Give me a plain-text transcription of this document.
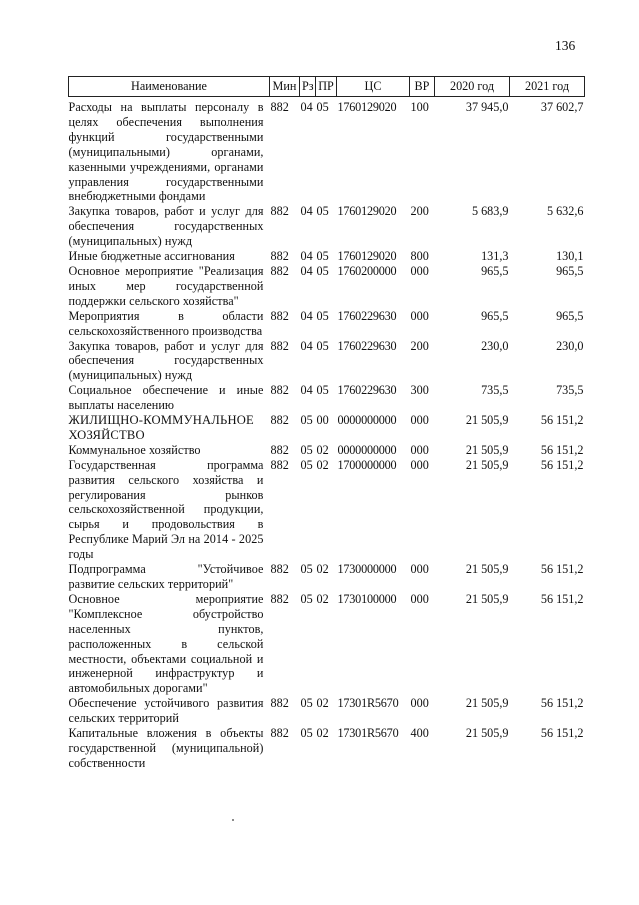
136
Наименование	Мин	Рз	ПР	ЦС	ВР	2020 год	2021 год
Расходы на выплаты персоналу в целях обеспечения выполнения функций государственными (муниципальными) органами, казенными учреждениями, органами управления государственными внебюджетными фондами	882	04	05	1760129020	100	37 945,0	37 602,7
Закупка товаров, работ и услуг для обеспечения государственных (муниципальных) нужд	882	04	05	1760129020	200	5 683,9	5 632,6
Иные бюджетные ассигнования	882	04	05	1760129020	800	131,3	130,1
Основное мероприятие "Реализация иных мер государственной поддержки сельского хозяйства"	882	04	05	1760200000	000	965,5	965,5
Мероприятия в области сельскохозяйственного производства	882	04	05	1760229630	000	965,5	965,5
Закупка товаров, работ и услуг для обеспечения государственных (муниципальных) нужд	882	04	05	1760229630	200	230,0	230,0
Социальное обеспечение и иные выплаты населению	882	04	05	1760229630	300	735,5	735,5
ЖИЛИЩНО-КОММУНАЛЬНОЕ ХОЗЯЙСТВО	882	05	00	0000000000	000	21 505,9	56 151,2
Коммунальное хозяйство	882	05	02	0000000000	000	21 505,9	56 151,2
Государственная программа развития сельского хозяйства и регулирования рынков сельскохозяйственной продукции, сырья и продовольствия в Республике Марий Эл на 2014 - 2025 годы	882	05	02	1700000000	000	21 505,9	56 151,2
Подпрограмма "Устойчивое развитие сельских территорий"	882	05	02	1730000000	000	21 505,9	56 151,2
Основное мероприятие "Комплексное обустройство населенных пунктов, расположенных в сельской местности, объектами социальной и инженерной инфраструктур и автомобильных дорогами"	882	05	02	1730100000	000	21 505,9	56 151,2
Обеспечение устойчивого развития сельских территорий	882	05	02	17301R5670	000	21 505,9	56 151,2
Капитальные вложения в объекты государственной (муниципальной) собственности	882	05	02	17301R5670	400	21 505,9	56 151,2
